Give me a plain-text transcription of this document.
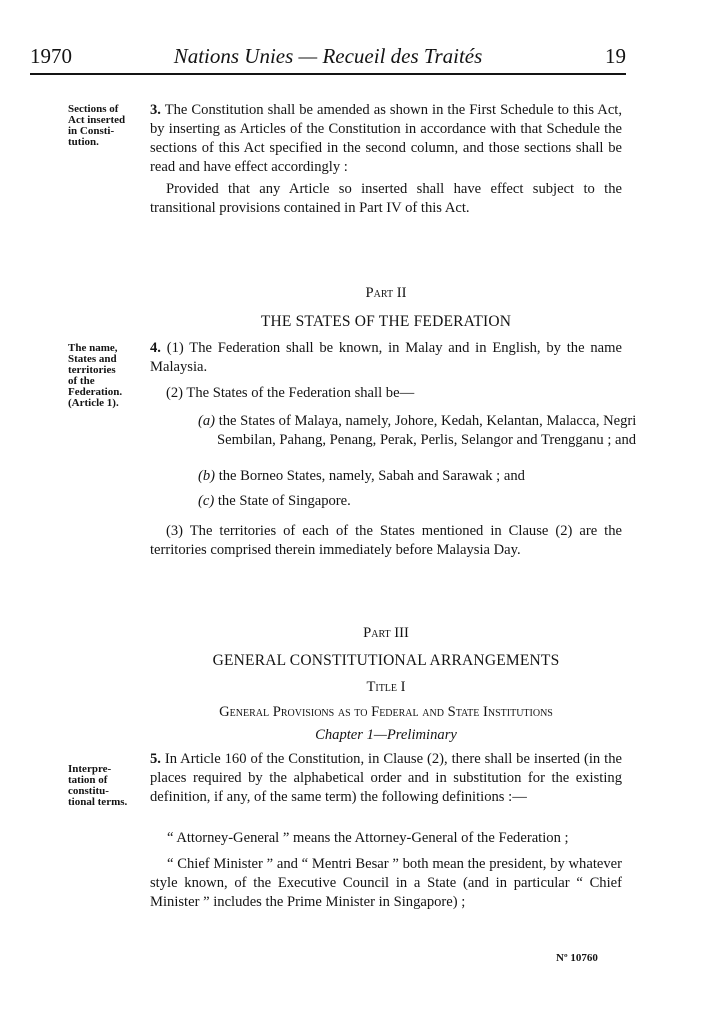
1970	Nations Unies — Recueil des Traités	19
Sections of
Act inserted
in Consti-
tution.
3. The Constitution shall be amended as shown in the First Schedule to this Act, by inserting as Articles of the Constitution in accordance with that Schedule the sections of this Act specified in the second column, and those sections shall be read and have effect accordingly :
Provided that any Article so inserted shall have effect subject to the transitional provisions contained in Part IV of this Act.
Part II
THE STATES OF THE FEDERATION
The name,
States and
territories
of the
Federation.
(Article 1).
4. (1) The Federation shall be known, in Malay and in English, by the name Malaysia.
(2) The States of the Federation shall be—
(a) the States of Malaya, namely, Johore, Kedah, Kelantan, Malacca, Negri Sembilan, Pahang, Penang, Perak, Perlis, Selangor and Trengganu ; and
(b) the Borneo States, namely, Sabah and Sarawak ; and
(c) the State of Singapore.
(3) The territories of each of the States mentioned in Clause (2) are the territories comprised therein immediately before Malaysia Day.
Part III
GENERAL CONSTITUTIONAL ARRANGEMENTS
Title I
General Provisions as to Federal and State Institutions
Chapter 1—Preliminary
Interpre-
tation of
constitu-
tional terms.
5. In Article 160 of the Constitution, in Clause (2), there shall be inserted (in the places required by the alphabetical order and in substitution for the existing definition, if any, of the same term) the following definitions :—
“ Attorney-General ” means the Attorney-General of the Federation ;
“ Chief Minister ” and “ Mentri Besar ” both mean the president, by whatever style known, of the Executive Council in a State (and in particular “ Chief Minister ” includes the Prime Minister in Singapore) ;
Nº 10760
